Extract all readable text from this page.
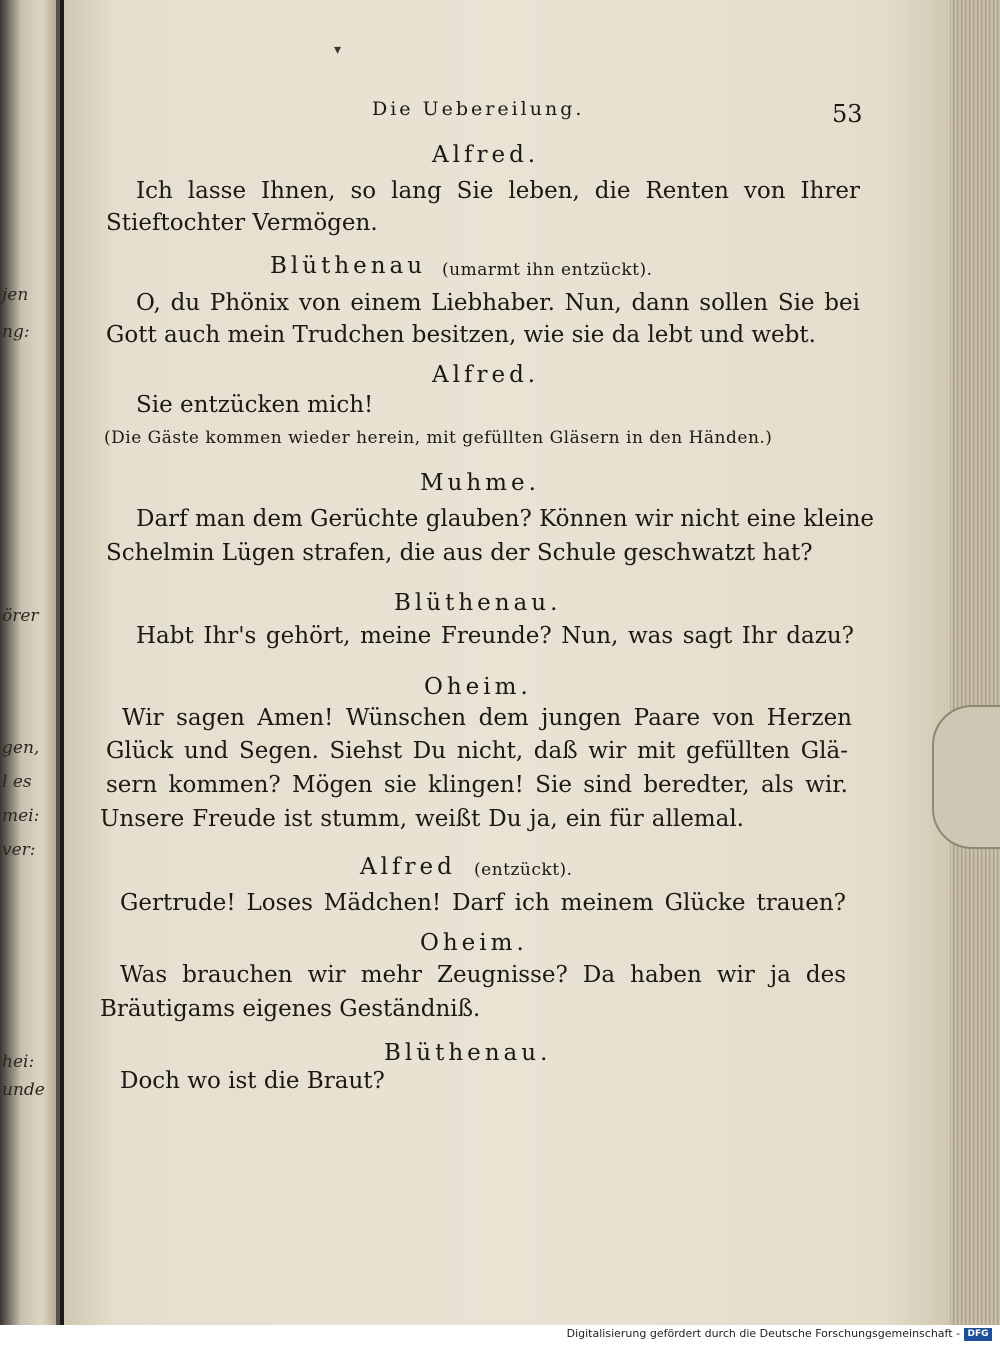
jen
ng:
örer
gen,
l es
mei:
ver:
hei:
unde
▾
Die Uebereilung.	53
Alfred.
Ich lasse Ihnen, so lang Sie leben, die Renten von Ihrer
Stieftochter Vermögen.
Blüthenau (umarmt ihn entzückt).
O, du Phönix von einem Liebhaber. Nun, dann sollen Sie bei
Gott auch mein Trudchen besitzen, wie sie da lebt und webt.
Alfred.
Sie entzücken mich!
(Die Gäste kommen wieder herein, mit gefüllten Gläsern in den Händen.)
Muhme.
Darf man dem Gerüchte glauben? Können wir nicht eine kleine
Schelmin Lügen strafen, die aus der Schule geschwatzt hat?
Blüthenau.
Habt Ihr's gehört, meine Freunde? Nun, was sagt Ihr dazu?
Oheim.
Wir sagen Amen! Wünschen dem jungen Paare von Herzen
Glück und Segen. Siehst Du nicht, daß wir mit gefüllten Glä-
sern kommen? Mögen sie klingen! Sie sind beredter, als wir.
Unsere Freude ist stumm, weißt Du ja, ein für allemal.
Alfred (entzückt).
Gertrude! Loses Mädchen! Darf ich meinem Glücke trauen?
Oheim.
Was brauchen wir mehr Zeugnisse? Da haben wir ja des
Bräutigams eigenes Geständniß.
Blüthenau.
Doch wo ist die Braut?
Digitalisierung gefördert durch die Deutsche Forschungsgemeinschaft - DFG
